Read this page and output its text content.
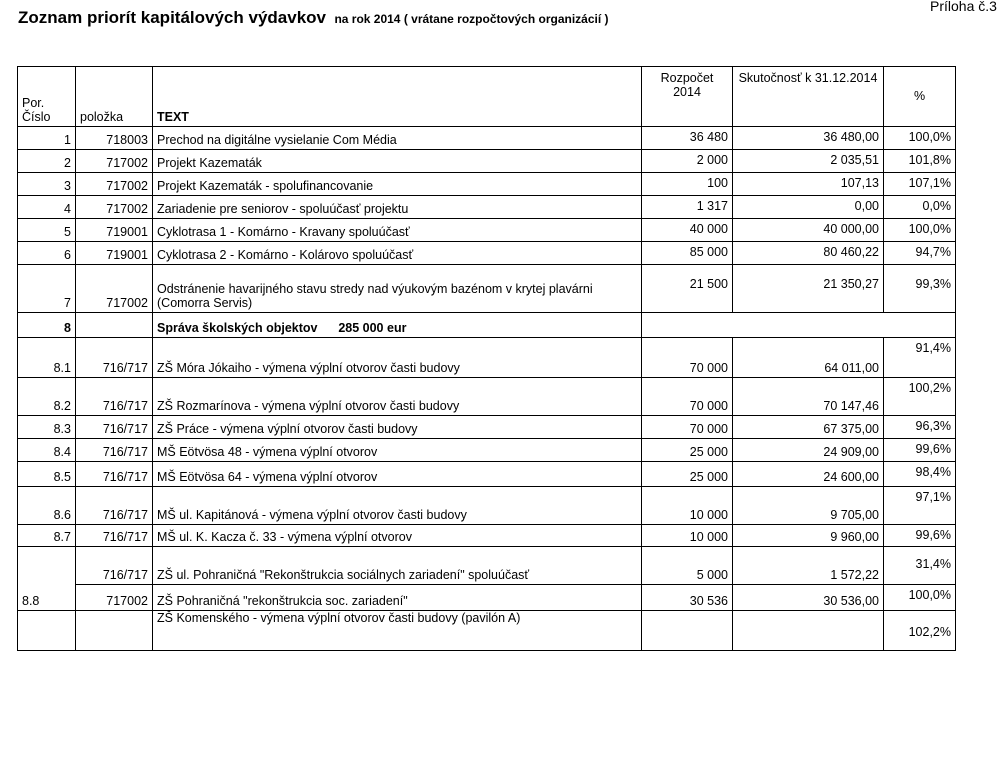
Zoznam priorít kapitálových výdavkov na rok 2014 ( vrátane rozpočtových organizácií )
Príloha č.3
Por. Číslo	položka	TEXT	Rozpočet 2014	Skutočnosť k 31.12.2014	%
1	718003	Prechod na digitálne vysielanie Com Média	36 480	36 480,00	100,0%
2	717002	Projekt Kazematák	2 000	2 035,51	101,8%
3	717002	Projekt Kazematák - spolufinancovanie	100	107,13	107,1%
4	717002	Zariadenie pre seniorov - spoluúčasť projektu	1 317	0,00	0,0%
5	719001	Cyklotrasa 1 - Komárno - Kravany spoluúčasť	40 000	40 000,00	100,0%
6	719001	Cyklotrasa 2 - Komárno - Kolárovo spoluúčasť	85 000	80 460,22	94,7%
7	717002	Odstránenie havarijného stavu stredy nad výukovým bazénom v krytej plavárni (Comorra Servis)	21 500	21 350,27	99,3%
8		Správa školských objektov      285 000 eur			
8.1	716/717	ZŠ Móra Jókaiho - výmena výplní otvorov časti budovy	70 000	64 011,00	91,4%
8.2	716/717	ZŠ Rozmarínova - výmena výplní otvorov časti budovy	70 000	70 147,46	100,2%
8.3	716/717	ZŠ Práce - výmena výplní otvorov časti budovy	70 000	67 375,00	96,3%
8.4	716/717	MŠ Eötvösa 48 - výmena výplní otvorov	25 000	24 909,00	99,6%
8.5	716/717	MŠ Eötvösa 64 - výmena výplní otvorov	25 000	24 600,00	98,4%
8.6	716/717	MŠ ul. Kapitánová - výmena výplní otvorov časti budovy	10 000	9 705,00	97,1%
8.7	716/717	MŠ ul. K. Kacza č. 33 - výmena výplní otvorov	10 000	9 960,00	99,6%
	716/717	ZŠ ul. Pohraničná "Rekonštrukcia sociálnych zariadení" spoluúčasť	5 000	1 572,22	31,4%
8.8	717002	ZŠ Pohraničná "rekonštrukcia soc. zariadení"	30 536	30 536,00	100,0%
		ZŠ Komenského - výmena výplní otvorov časti budovy (pavilón A)			102,2%
